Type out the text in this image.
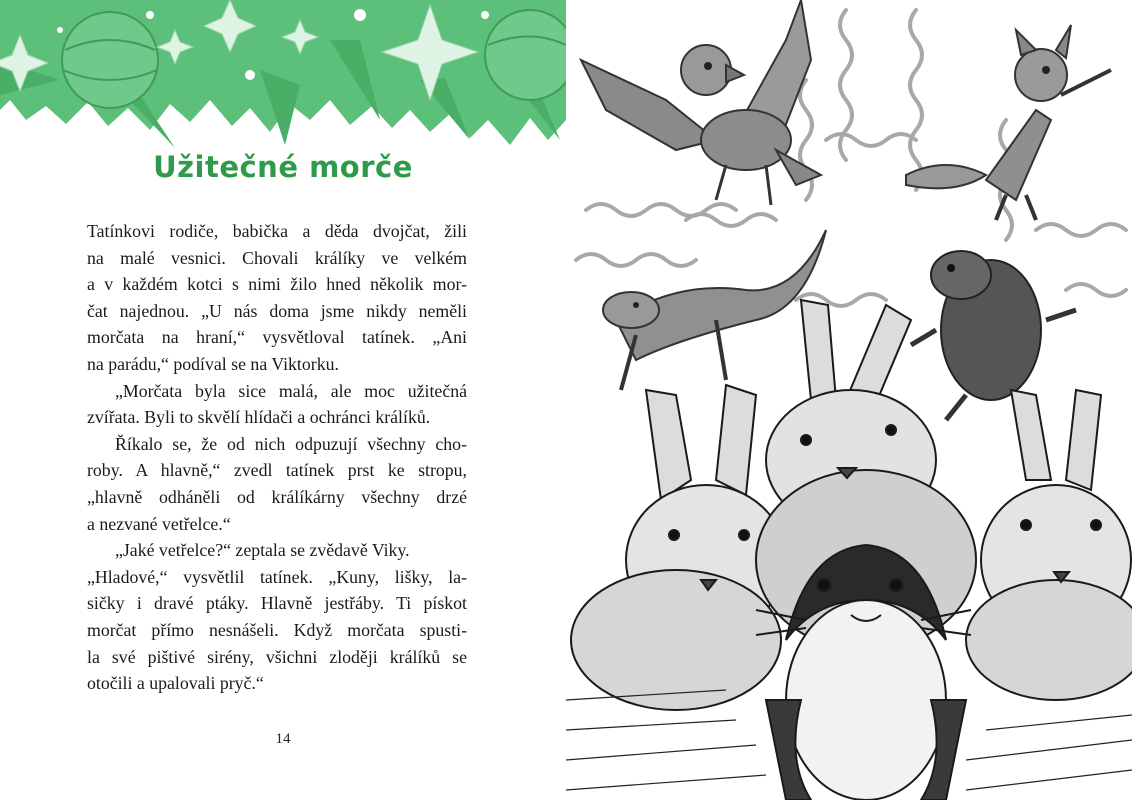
Užitečné morče

Tatínkovi rodiče, babička a děda dvojčat, žili
na malé vesnici. Chovali králíky ve velkém
a v každém kotci s nimi žilo hned několik mor-
čat najednou. „U nás doma jsme nikdy neměli
morčata na hraní,“ vysvětloval tatínek. „Ani
na parádu,“ podíval se na Viktorku.

„Morčata byla sice malá, ale moc užitečná
zvířata. Byli to skvělí hlídači a ochránci králíků.

Říkalo se, že od nich odpuzují všechny cho-
roby. A hlavně,“ zvedl tatínek prst ke stropu,
„hlavně odháněli od králíkárny všechny drzé
a nezvané vetřelce.“

„Jaké vetřelce?“ zeptala se zvědavě Viky.
„Hladové,“ vysvětlil tatínek. „Kuny, lišky, la-
sičky i dravé ptáky. Hlavně jestřáby. Ti pískot
morčat přímo nesnášeli. Když morčata spusti-
la své pištivé sirény, všichni zloději králíků se
otočili a upalovali pryč.“

14
